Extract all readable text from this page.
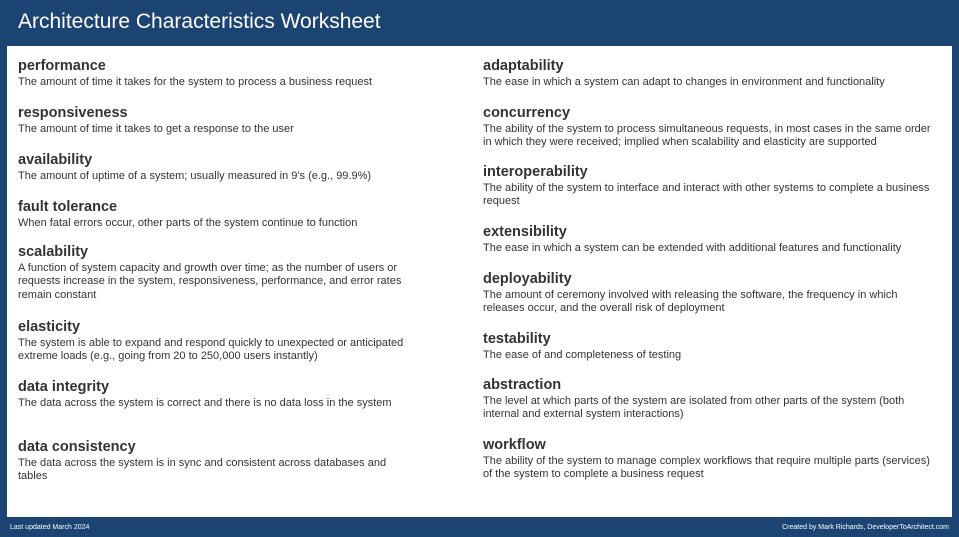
Architecture Characteristics Worksheet
performance
The amount of time it takes for the system to process a business request
responsiveness
The amount of time it takes to get a response to the user
availability
The amount of uptime of a system; usually measured in 9's (e.g., 99.9%)
fault tolerance
When fatal errors occur, other parts of the system continue to function
scalability
A function of system capacity and growth over time; as the number of users or requests increase in the system, responsiveness, performance, and error rates remain constant
elasticity
The system is able to expand and respond quickly to unexpected or anticipated extreme loads (e.g., going from 20 to 250,000 users instantly)
data integrity
The data across the system is correct and there is no data loss in the system
data consistency
The data across the system is in sync and consistent across databases and tables
adaptability
The ease in which a system can adapt to changes in environment and functionality
concurrency
The ability of the system to process simultaneous requests, in most cases in the same order in which they were received; implied when scalability and elasticity are supported
interoperability
The ability of the system to interface and interact with other systems to complete a business request
extensibility
The ease in which a system can be extended with additional features and functionality
deployability
The amount of ceremony involved with releasing the software, the frequency in which releases occur, and the overall risk of deployment
testability
The ease of and completeness of testing
abstraction
The level at which parts of the system are isolated from other parts of the system (both internal and external system interactions)
workflow
The ability of the system to manage complex workflows that require multiple parts (services) of the system to complete a business request
Last updated March 2024	Created by Mark Richards, DeveloperToArchitect.com
